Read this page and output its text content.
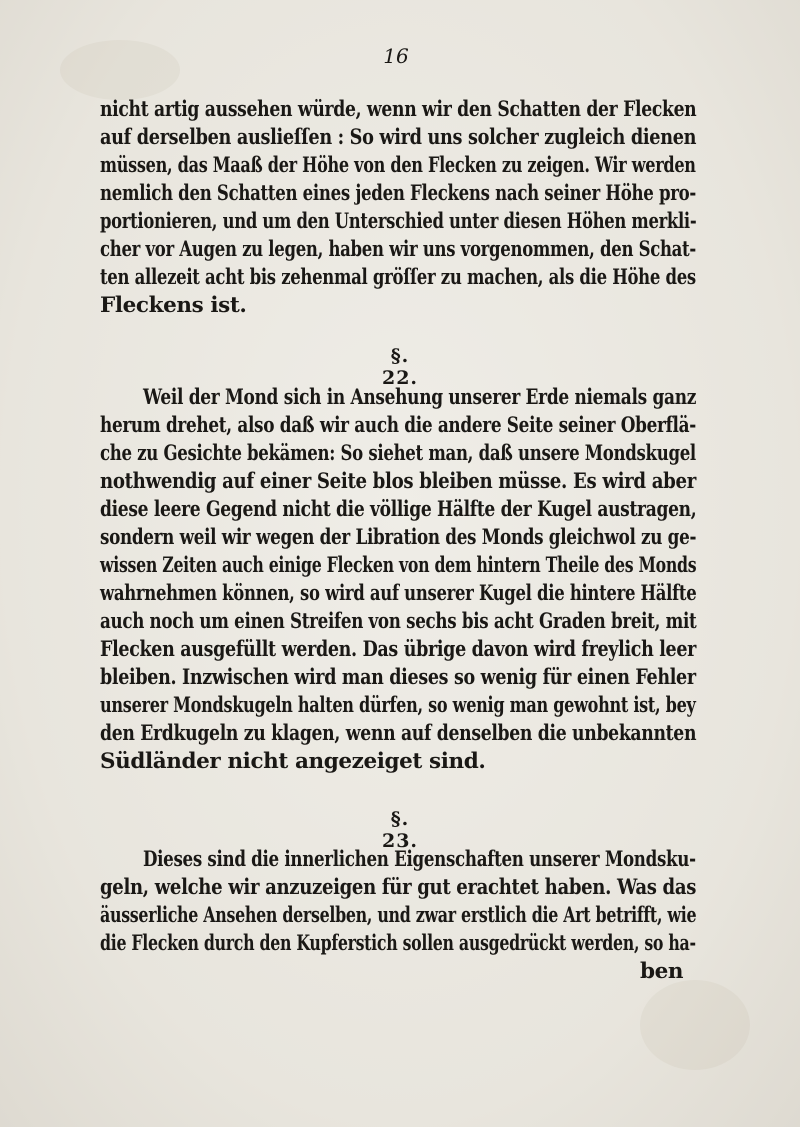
16
nicht artig aussehen würde, wenn wir den Schatten der Flecken
auf derselben auslieſſen : So wird uns solcher zugleich dienen
müssen, das Maaß der Höhe von den Flecken zu zeigen. Wir werden
nemlich den Schatten eines jeden Fleckens nach seiner Höhe pro-
portionieren, und um den Unterschied unter diesen Höhen merkli-
cher vor Augen zu legen, haben wir uns vorgenommen, den Schat-
ten allezeit acht bis zehenmal gröſſer zu machen, als die Höhe des
Fleckens ist.
§. 22.
Weil der Mond sich in Ansehung unserer Erde niemals ganz
herum drehet, also daß wir auch die andere Seite seiner Oberflä-
che zu Gesichte bekämen: So siehet man, daß unsere Mondskugel
nothwendig auf einer Seite blos bleiben müsse. Es wird aber
diese leere Gegend nicht die völlige Hälfte der Kugel austragen,
sondern weil wir wegen der Libration des Monds gleichwol zu ge-
wissen Zeiten auch einige Flecken von dem hintern Theile des Monds
wahrnehmen können, so wird auf unserer Kugel die hintere Hälfte
auch noch um einen Streifen von sechs bis acht Graden breit, mit
Flecken ausgefüllt werden. Das übrige davon wird freylich leer
bleiben. Inzwischen wird man dieses so wenig für einen Fehler
unserer Mondskugeln halten dürfen, so wenig man gewohnt ist, bey
den Erdkugeln zu klagen, wenn auf denselben die unbekannten
Südländer nicht angezeiget sind.
§. 23.
Dieses sind die innerlichen Eigenschaften unserer Mondsku-
geln, welche wir anzuzeigen für gut erachtet haben. Was das
äusserliche Ansehen derselben, und zwar erstlich die Art betrifft, wie
die Flecken durch den Kupferstich sollen ausgedrückt werden, so ha-
ben
